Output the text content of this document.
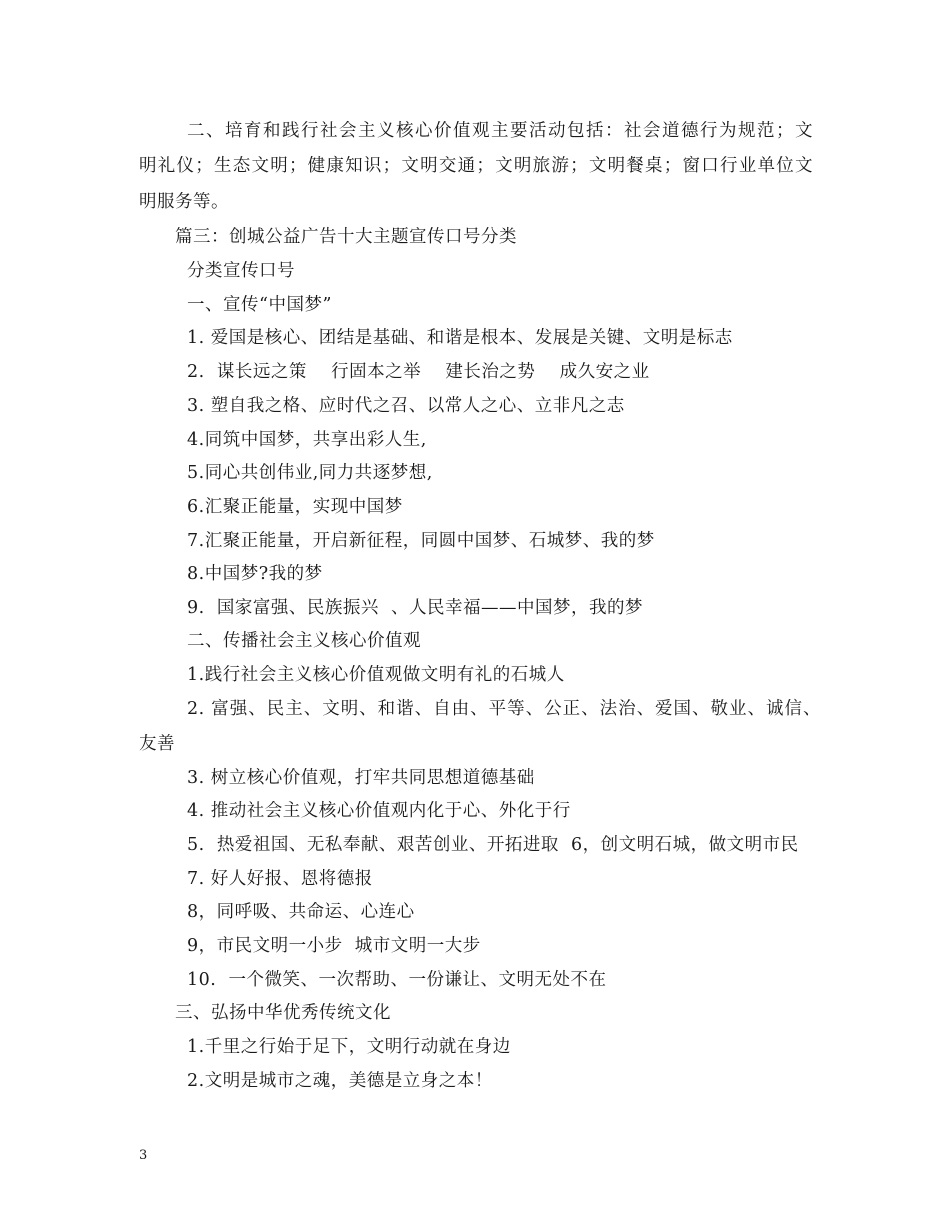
二、培育和践行社会主义核心价值观主要活动包括：社会道德行为规范；文
明礼仪；生态文明；健康知识；文明交通；文明旅游；文明餐桌；窗口行业单位文
明服务等。
篇三：创城公益广告十大主题宣传口号分类
分类宣传口号
一、宣传“中国梦”
1. 爱国是核心、团结是基础、和谐是根本、发展是关键、文明是标志
2.  谋长远之策    行固本之举    建长治之势    成久安之业
3. 塑自我之格、应时代之召、以常人之心、立非凡之志
4.同筑中国梦，共享出彩人生,
5.同心共创伟业,同力共逐梦想,
6.汇聚正能量，实现中国梦
7.汇聚正能量，开启新征程，同圆中国梦、石城梦、我的梦
8.中国梦?我的梦
9.  国家富强、民族振兴  、人民幸福——中国梦，我的梦
二、传播社会主义核心价值观
1.践行社会主义核心价值观做文明有礼的石城人
2. 富强、民主、文明、和谐、自由、平等、公正、法治、爱国、敬业、诚信、
友善
3. 树立核心价值观，打牢共同思想道德基础
4. 推动社会主义核心价值观内化于心、外化于行
5.  热爱祖国、无私奉献、艰苦创业、开拓进取  6，创文明石城，做文明市民
7. 好人好报、恩将德报
8，同呼吸、共命运、心连心
9，市民文明一小步  城市文明一大步
10.  一个微笑、一次帮助、一份谦让、文明无处不在
三、弘扬中华优秀传统文化
1.千里之行始于足下，文明行动就在身边
2.文明是城市之魂，美德是立身之本！
3
